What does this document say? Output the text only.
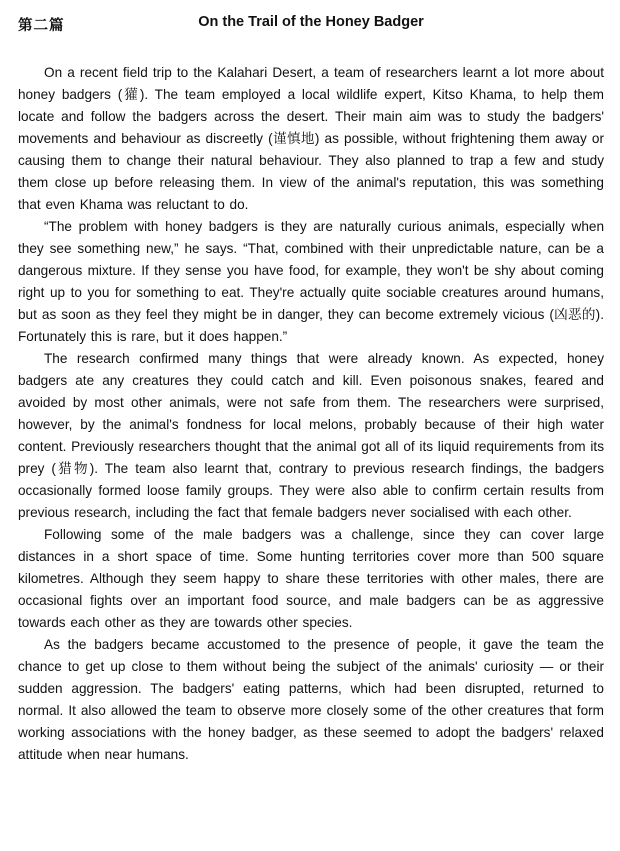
第二篇	On the Trail of the Honey Badger

On a recent field trip to the Kalahari Desert, a team of researchers learnt a lot more about honey badgers (獾). The team employed a local wildlife expert, Kitso Khama, to help them locate and follow the badgers across the desert. Their main aim was to study the badgers' movements and behaviour as discreetly (谨慎地) as possible, without frightening them away or causing them to change their natural behaviour. They also planned to trap a few and study them close up before releasing them. In view of the animal's reputation, this was something that even Khama was reluctant to do.

“The problem with honey badgers is they are naturally curious animals, especially when they see something new,” he says. “That, combined with their unpredictable nature, can be a dangerous mixture. If they sense you have food, for example, they won't be shy about coming right up to you for something to eat. They're actually quite sociable creatures around humans, but as soon as they feel they might be in danger, they can become extremely vicious (凶恶的). Fortunately this is rare, but it does happen.”

The research confirmed many things that were already known. As expected, honey badgers ate any creatures they could catch and kill. Even poisonous snakes, feared and avoided by most other animals, were not safe from them. The researchers were surprised, however, by the animal's fondness for local melons, probably because of their high water content. Previously researchers thought that the animal got all of its liquid requirements from its prey (猎物). The team also learnt that, contrary to previous research findings, the badgers occasionally formed loose family groups. They were also able to confirm certain results from previous research, including the fact that female badgers never socialised with each other.

Following some of the male badgers was a challenge, since they can cover large distances in a short space of time. Some hunting territories cover more than 500 square kilometres. Although they seem happy to share these territories with other males, there are occasional fights over an important food source, and male badgers can be as aggressive towards each other as they are towards other species.

As the badgers became accustomed to the presence of people, it gave the team the chance to get up close to them without being the subject of the animals' curiosity — or their sudden aggression. The badgers' eating patterns, which had been disrupted, returned to normal. It also allowed the team to observe more closely some of the other creatures that form working associations with the honey badger, as these seemed to adopt the badgers' relaxed attitude when near humans.
